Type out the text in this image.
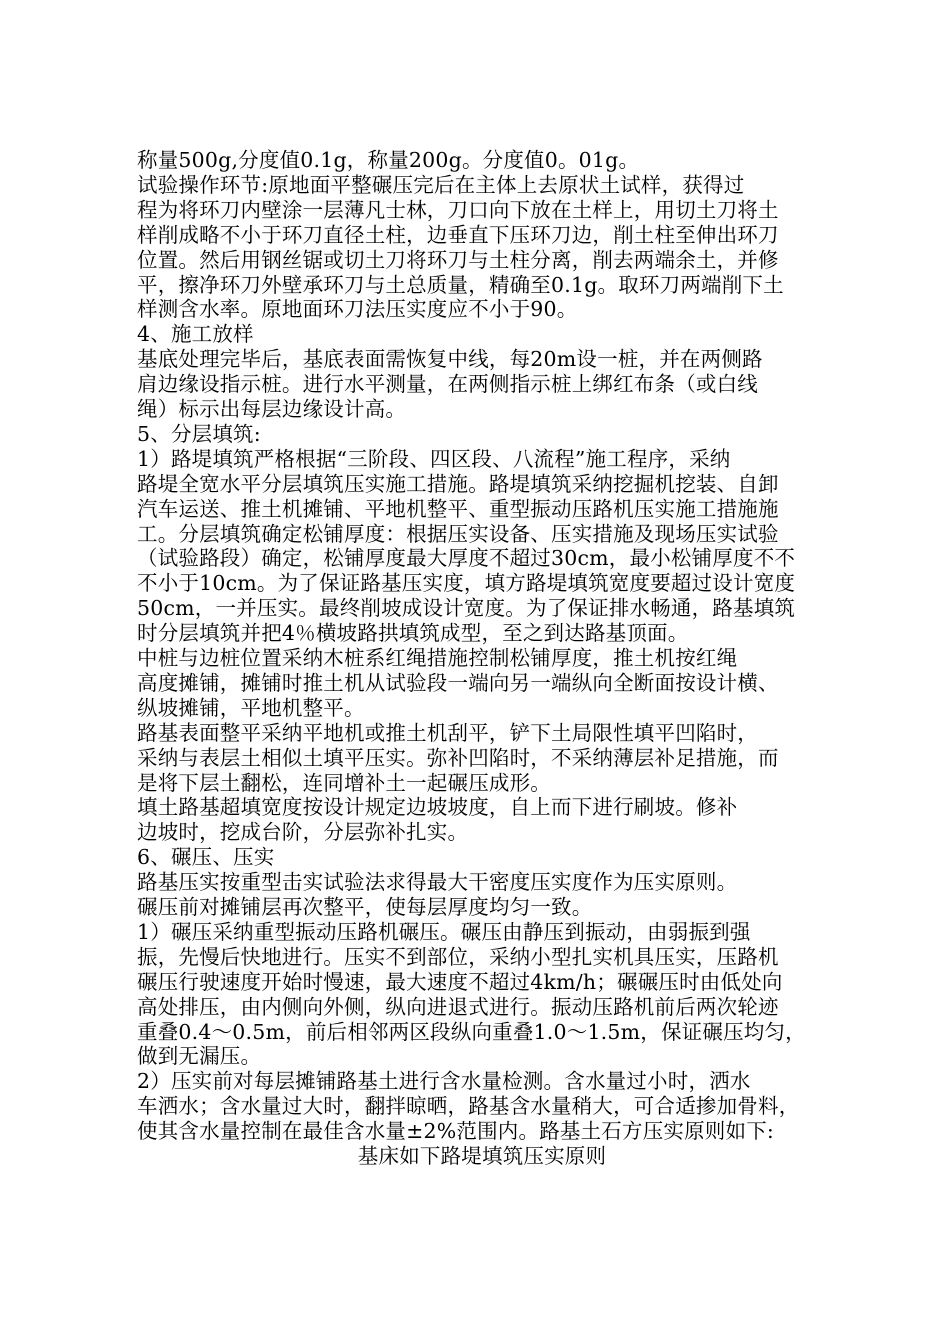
称量500g,分度值0.1g，称量200g。分度值0。01g。
试验操作环节:原地面平整碾压完后在主体上去原状土试样，获得过
程为将环刀内壁涂一层薄凡士林，刀口向下放在土样上，用切土刀将土
样削成略不小于环刀直径土柱，边垂直下压环刀边，削土柱至伸出环刀
位置。然后用钢丝锯或切土刀将环刀与土柱分离，削去两端余土，并修
平，擦净环刀外壁承环刀与土总质量，精确至0.1g。取环刀两端削下土
样测含水率。原地面环刀法压实度应不小于90。
4、施工放样
基底处理完毕后，基底表面需恢复中线，每20m设一桩，并在两侧路
肩边缘设指示桩。进行水平测量，在两侧指示桩上绑红布条（或白线
绳）标示出每层边缘设计高。
5、分层填筑:
1）路堤填筑严格根据“三阶段、四区段、八流程”施工程序，采纳
路堤全宽水平分层填筑压实施工措施。路堤填筑采纳挖掘机挖装、自卸
汽车运送、推土机摊铺、平地机整平、重型振动压路机压实施工措施施
工。分层填筑确定松铺厚度：根据压实设备、压实措施及现场压实试验
（试验路段）确定，松铺厚度最大厚度不超过30cm，最小松铺厚度不不
不小于10cm。为了保证路基压实度，填方路堤填筑宽度要超过设计宽度
50cm，一并压实。最终削坡成设计宽度。为了保证排水畅通，路基填筑
时分层填筑并把4％横坡路拱填筑成型，至之到达路基顶面。
中桩与边桩位置采纳木桩系红绳措施控制松铺厚度，推土机按红绳
高度摊铺，摊铺时推土机从试验段一端向另一端纵向全断面按设计横、
纵坡摊铺，平地机整平。
路基表面整平采纳平地机或推土机刮平，铲下土局限性填平凹陷时，
采纳与表层土相似土填平压实。弥补凹陷时，不采纳薄层补足措施，而
是将下层土翻松，连同增补土一起碾压成形。
填土路基超填宽度按设计规定边坡坡度，自上而下进行刷坡。修补
边坡时，挖成台阶，分层弥补扎实。
6、碾压、压实
路基压实按重型击实试验法求得最大干密度压实度作为压实原则。
碾压前对摊铺层再次整平，使每层厚度均匀一致。
1）碾压采纳重型振动压路机碾压。碾压由静压到振动，由弱振到强
振，先慢后快地进行。压实不到部位，采纳小型扎实机具压实，压路机
碾压行驶速度开始时慢速，最大速度不超过4km/h；碾碾压时由低处向
高处排压，由内侧向外侧，纵向进退式进行。振动压路机前后两次轮迹
重叠0.4～0.5m，前后相邻两区段纵向重叠1.0～1.5m，保证碾压均匀，
做到无漏压。
2）压实前对每层摊铺路基土进行含水量检测。含水量过小时，洒水
车洒水；含水量过大时，翻拌晾晒，路基含水量稍大，可合适掺加骨料，
使其含水量控制在最佳含水量±2%范围内。路基土石方压实原则如下:
基床如下路堤填筑压实原则
